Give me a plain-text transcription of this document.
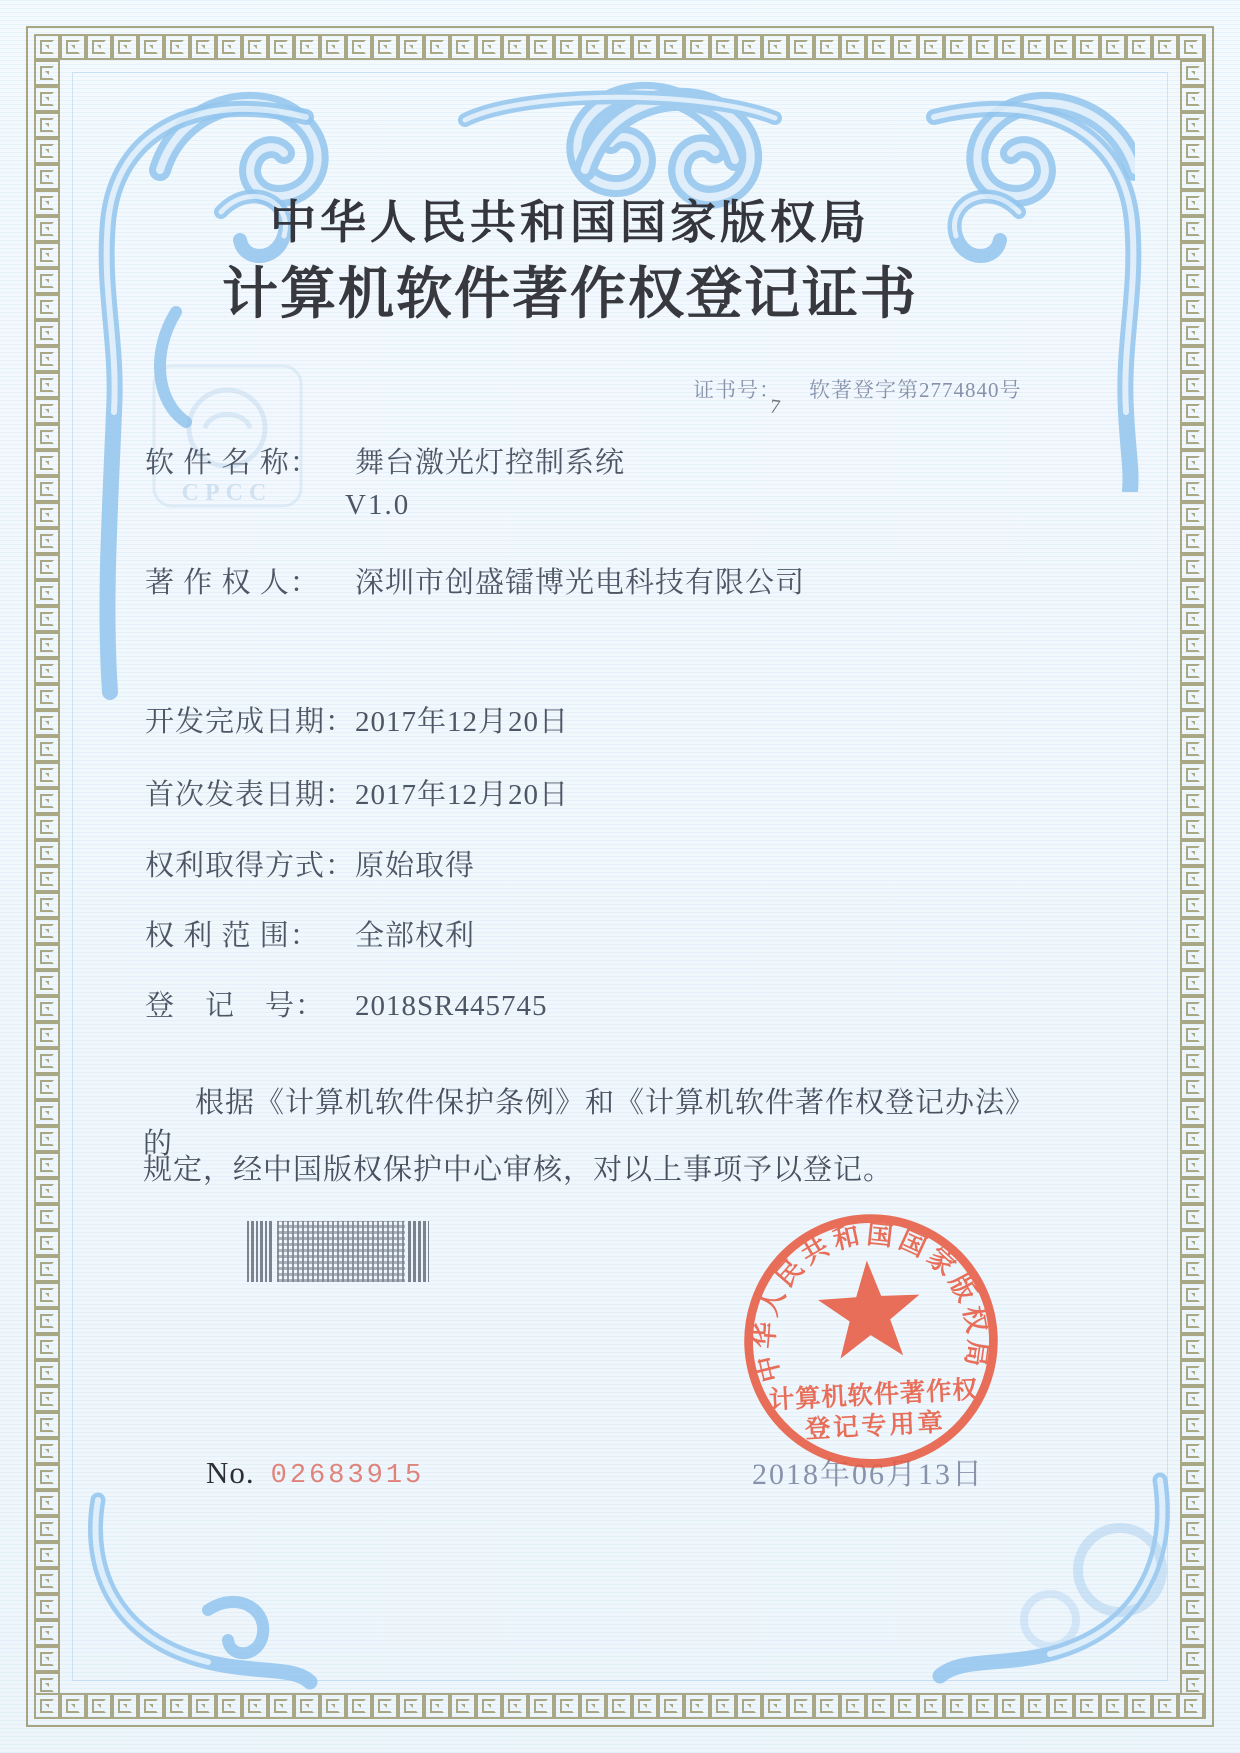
CPCC
中华人民共和国国家版权局
计算机软件著作权登记证书
证书号： 软著登字第2774840号
7
软 件 名 称： 舞台激光灯控制系统
V1.0
著 作 权 人： 深圳市创盛镭博光电科技有限公司
开发完成日期：2017年12月20日
首次发表日期：2017年12月20日
权利取得方式：原始取得
权 利 范 围： 全部权利
登　记　号： 2018SR445745
根据《计算机软件保护条例》和《计算机软件著作权登记办法》的
规定，经中国版权保护中心审核，对以上事项予以登记。
No. 02683915	2018年06月13日
中华人民共和国国家版权局
计算机软件著作权
登记专用章
